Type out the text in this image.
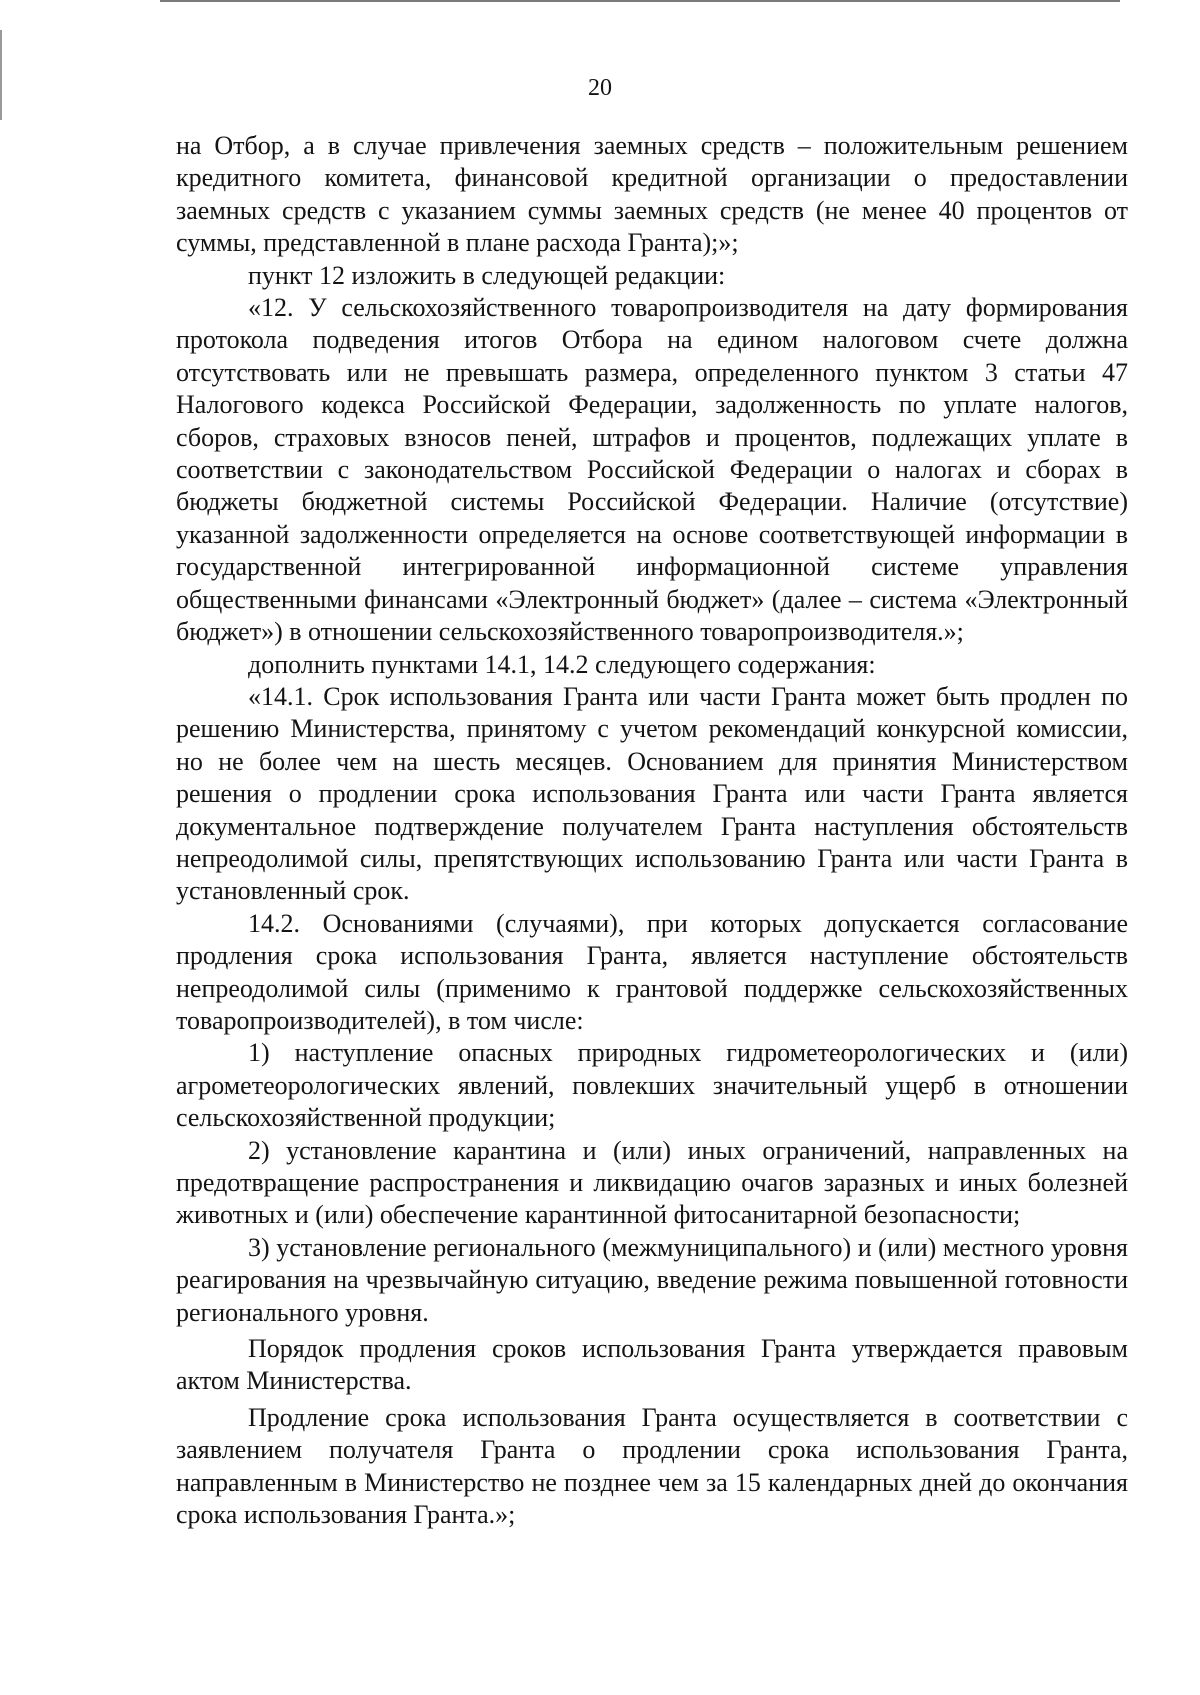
20

на Отбор, а в случае привлечения заемных средств – положительным решением кредитного комитета, финансовой кредитной организации о предоставлении заемных средств с указанием суммы заемных средств (не менее 40 процентов от суммы, представленной в плане расхода Гранта);»;

пункт 12 изложить в следующей редакции:

«12. У сельскохозяйственного товаропроизводителя на дату формирования протокола подведения итогов Отбора на едином налоговом счете должна отсутствовать или не превышать размера, определенного пунктом 3 статьи 47 Налогового кодекса Российской Федерации, задолженность по уплате налогов, сборов, страховых взносов пеней, штрафов и процентов, подлежащих уплате в соответствии с законодательством Российской Федерации о налогах и сборах в бюджеты бюджетной системы Российской Федерации. Наличие (отсутствие) указанной задолженности определяется на основе соответствующей информации в государственной интегрированной информационной системе управления общественными финансами «Электронный бюджет» (далее – система «Электронный бюджет») в отношении сельскохозяйственного товаропроизводителя.»;

дополнить пунктами 14.1, 14.2 следующего содержания:

«14.1. Срок использования Гранта или части Гранта может быть продлен по решению Министерства, принятому с учетом рекомендаций конкурсной комиссии, но не более чем на шесть месяцев. Основанием для принятия Министерством решения о продлении срока использования Гранта или части Гранта является документальное подтверждение получателем Гранта наступления обстоятельств непреодолимой силы, препятствующих использованию Гранта или части Гранта в установленный срок.

14.2. Основаниями (случаями), при которых допускается согласование продления срока использования Гранта, является наступление обстоятельств непреодолимой силы (применимо к грантовой поддержке сельскохозяйственных товаропроизводителей), в том числе:

1) наступление опасных природных гидрометеорологических и (или) агрометеорологических явлений, повлекших значительный ущерб в отношении сельскохозяйственной продукции;

2) установление карантина и (или) иных ограничений, направленных на предотвращение распространения и ликвидацию очагов заразных и иных болезней животных и (или) обеспечение карантинной фитосанитарной безопасности;

3) установление регионального (межмуниципального) и (или) местного уровня реагирования на чрезвычайную ситуацию, введение режима повышенной готовности регионального уровня.

Порядок продления сроков использования Гранта утверждается правовым актом Министерства.

Продление срока использования Гранта осуществляется в соответствии с заявлением получателя Гранта о продлении срока использования Гранта, направленным в Министерство не позднее чем за 15 календарных дней до окончания срока использования Гранта.»;
